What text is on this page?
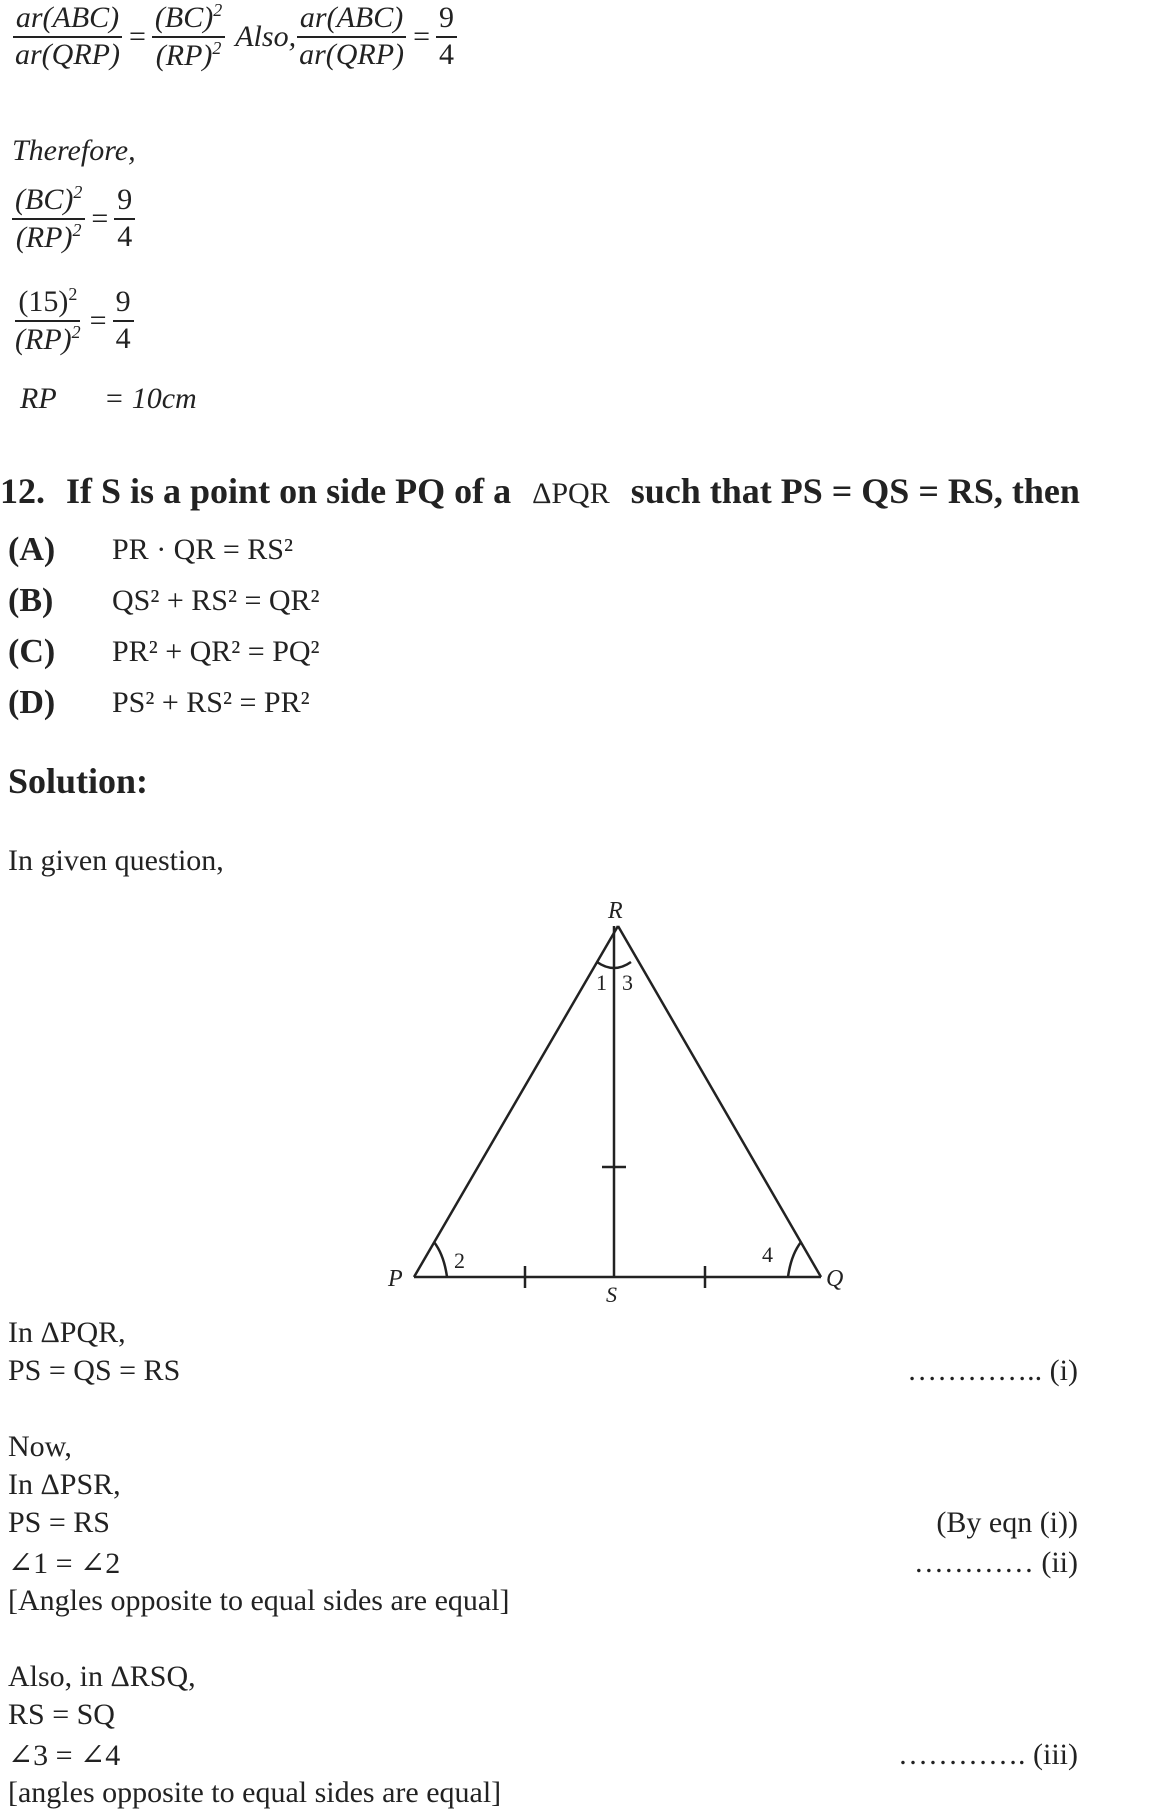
$\frac{\text{ar(ABC)}}{\text{ar(QRP)}} = \frac{(BC)^2}{(RP)^2}$ Also, $\frac{\text{ar(ABC)}}{\text{ar(QRP)}} = \frac{9}{4}$
Therefore,
$\frac{(BC)^2}{(RP)^2} = \frac{9}{4}$
$\frac{(15)^2}{(RP)^2} = \frac{9}{4}$
RP	= 10cm
12. If S is a point on side PQ of a ΔPQR such that PS = QS = RS, then
(A)	PR · QR = RS²
(B)	QS² + RS² = QR²
(C)	PR² + QR² = PQ²
(D)	PS² + RS² = PR²
Solution:
In given question,
R
P	Q
S
1 3
2	4
In ΔPQR,
PS = QS = RS	………….. (i)
Now,
In ΔPSR,
PS = RS	(By eqn (i))
∠1 = ∠2	………… (ii)
[Angles opposite to equal sides are equal]
Also, in ΔRSQ,
RS = SQ
∠3 = ∠4	…………. (iii)
[angles opposite to equal sides are equal]
